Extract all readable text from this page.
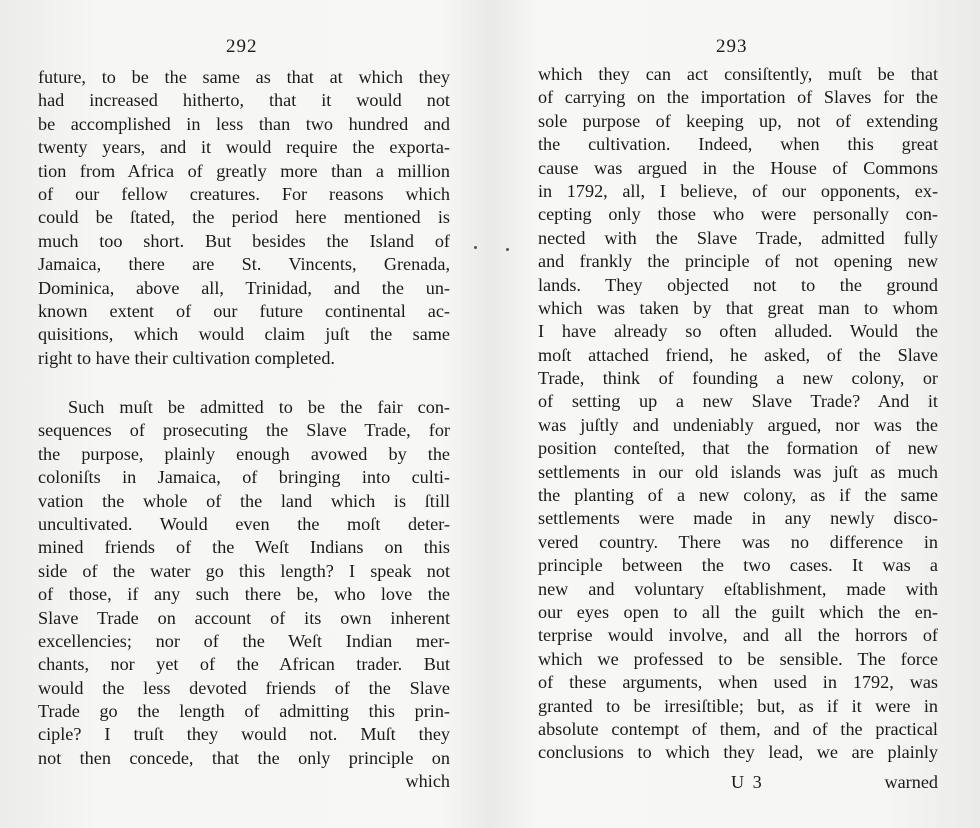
292
future, to be the same as that at which they
had increased hitherto, that it would not
be accomplished in less than two hundred and
twenty years, and it would require the exporta-
tion from Africa of greatly more than a million
of our fellow creatures. For reasons which
could be ſtated, the period here mentioned is
much too short. But besides the Island of
Jamaica, there are St. Vincents, Grenada,
Dominica, above all, Trinidad, and the un-
known extent of our future continental ac-
quisitions, which would claim juſt the same
right to have their cultivation completed.
Such muſt be admitted to be the fair con-
sequences of prosecuting the Slave Trade, for
the purpose, plainly enough avowed by the
coloniſts in Jamaica, of bringing into culti-
vation the whole of the land which is ſtill
uncultivated. Would even the moſt deter-
mined friends of the Weſt Indians on this
side of the water go this length? I speak not
of those, if any such there be, who love the
Slave Trade on account of its own inherent
excellencies; nor of the Weſt Indian mer-
chants, nor yet of the African trader. But
would the less devoted friends of the Slave
Trade go the length of admitting this prin-
ciple? I truſt they would not. Muſt they
not then concede, that the only principle on
which
293
which they can act consiſtently, muſt be that
of carrying on the importation of Slaves for the
sole purpose of keeping up, not of extending
the cultivation. Indeed, when this great
cause was argued in the House of Commons
in 1792, all, I believe, of our opponents, ex-
cepting only those who were personally con-
nected with the Slave Trade, admitted fully
and frankly the principle of not opening new
lands. They objected not to the ground
which was taken by that great man to whom
I have already so often alluded. Would the
moſt attached friend, he asked, of the Slave
Trade, think of founding a new colony, or
of setting up a new Slave Trade? And it
was juſtly and undeniably argued, nor was the
position conteſted, that the formation of new
settlements in our old islands was juſt as much
the planting of a new colony, as if the same
settlements were made in any newly disco-
vered country. There was no difference in
principle between the two cases. It was a
new and voluntary eſtablishment, made with
our eyes open to all the guilt which the en-
terprise would involve, and all the horrors of
which we professed to be sensible. The force
of these arguments, when used in 1792, was
granted to be irresiſtible; but, as if it were in
absolute contempt of them, and of the practical
conclusions to which they lead, we are plainly
U 3	warned
